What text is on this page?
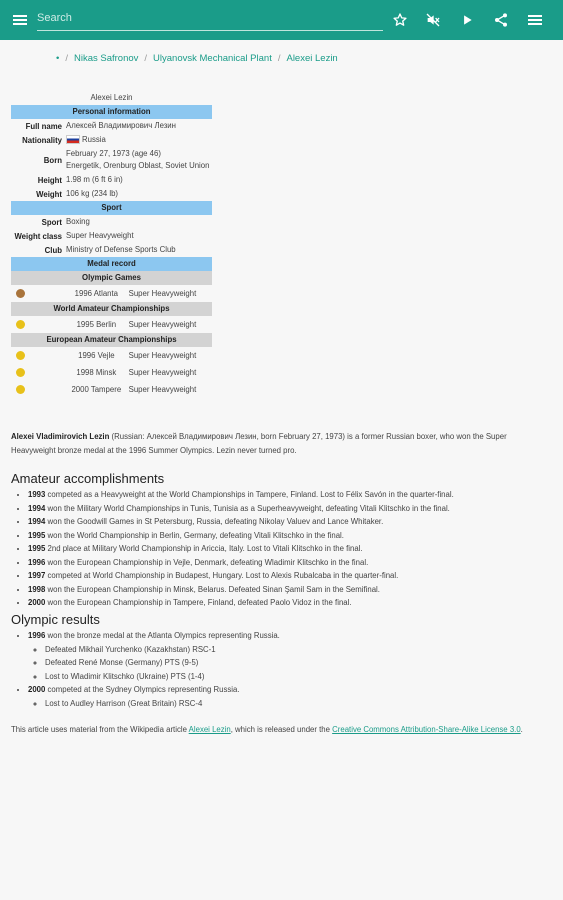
Search
• / Nikas Safronov / Ulyanovsk Mechanical Plant / Alexei Lezin
Alexei Lezin		
Personal information		
Full name	Алексей Владимирович Лезин	
Nationality	Russia	
Born	February 27, 1973 (age 46)
Energetik, Orenburg Oblast, Soviet Union	

Height	1.98 m (6 ft 6 in)	
Weight	106 kg (234 lb)	
Sport		
Sport	Boxing	
Weight class	Super Heavyweight	
Club	Ministry of Defense Sports Club	
Medal record		
Olympic Games		
	1996 Atlanta	Super Heavyweight
World Amateur Championships		
	1995 Berlin	Super Heavyweight
European Amateur Championships		
	1996 Vejle	Super Heavyweight
	1998 Minsk	Super Heavyweight
	2000 Tampere	Super Heavyweight
Alexei Vladimirovich Lezin (Russian: Алексей Владимирович Лезин, born February 27, 1973) is a former Russian boxer, who won the Super Heavyweight bronze medal at the 1996 Summer Olympics. Lezin never turned pro.
Amateur accomplishments
• 1993 competed as a Heavyweight at the World Championships in Tampere, Finland. Lost to Félix Savón in the quarter-final.
• 1994 won the Military World Championships in Tunis, Tunisia as a Superheavyweight, defeating Vitali Klitschko in the final.
• 1994 won the Goodwill Games in St Petersburg, Russia, defeating Nikolay Valuev and Lance Whitaker.
• 1995 won the World Championship in Berlin, Germany, defeating Vitali Klitschko in the final.
• 1995 2nd place at Military World Championship in Ariccia, Italy. Lost to Vitali Klitschko in the final.
• 1996 won the European Championship in Vejle, Denmark, defeating Wladimir Klitschko in the final.
• 1997 competed at World Championship in Budapest, Hungary. Lost to Alexis Rubalcaba in the quarter-final.
• 1998 won the European Championship in Minsk, Belarus. Defeated Sinan Şamil Sam in the Semifinal.
• 2000 won the European Championship in Tampere, Finland, defeated Paolo Vidoz in the final.
Olympic results
• 1996 won the bronze medal at the Atlanta Olympics representing Russia.
◦ Defeated Mikhail Yurchenko (Kazakhstan) RSC-1
◦ Defeated René Monse (Germany) PTS (9-5)
◦ Lost to Wladimir Klitschko (Ukraine) PTS (1-4)
• 2000 competed at the Sydney Olympics representing Russia.
◦ Lost to Audley Harrison (Great Britain) RSC-4
This article uses material from the Wikipedia article Alexei Lezin, which is released under the Creative Commons Attribution-Share-Alike License 3.0.
